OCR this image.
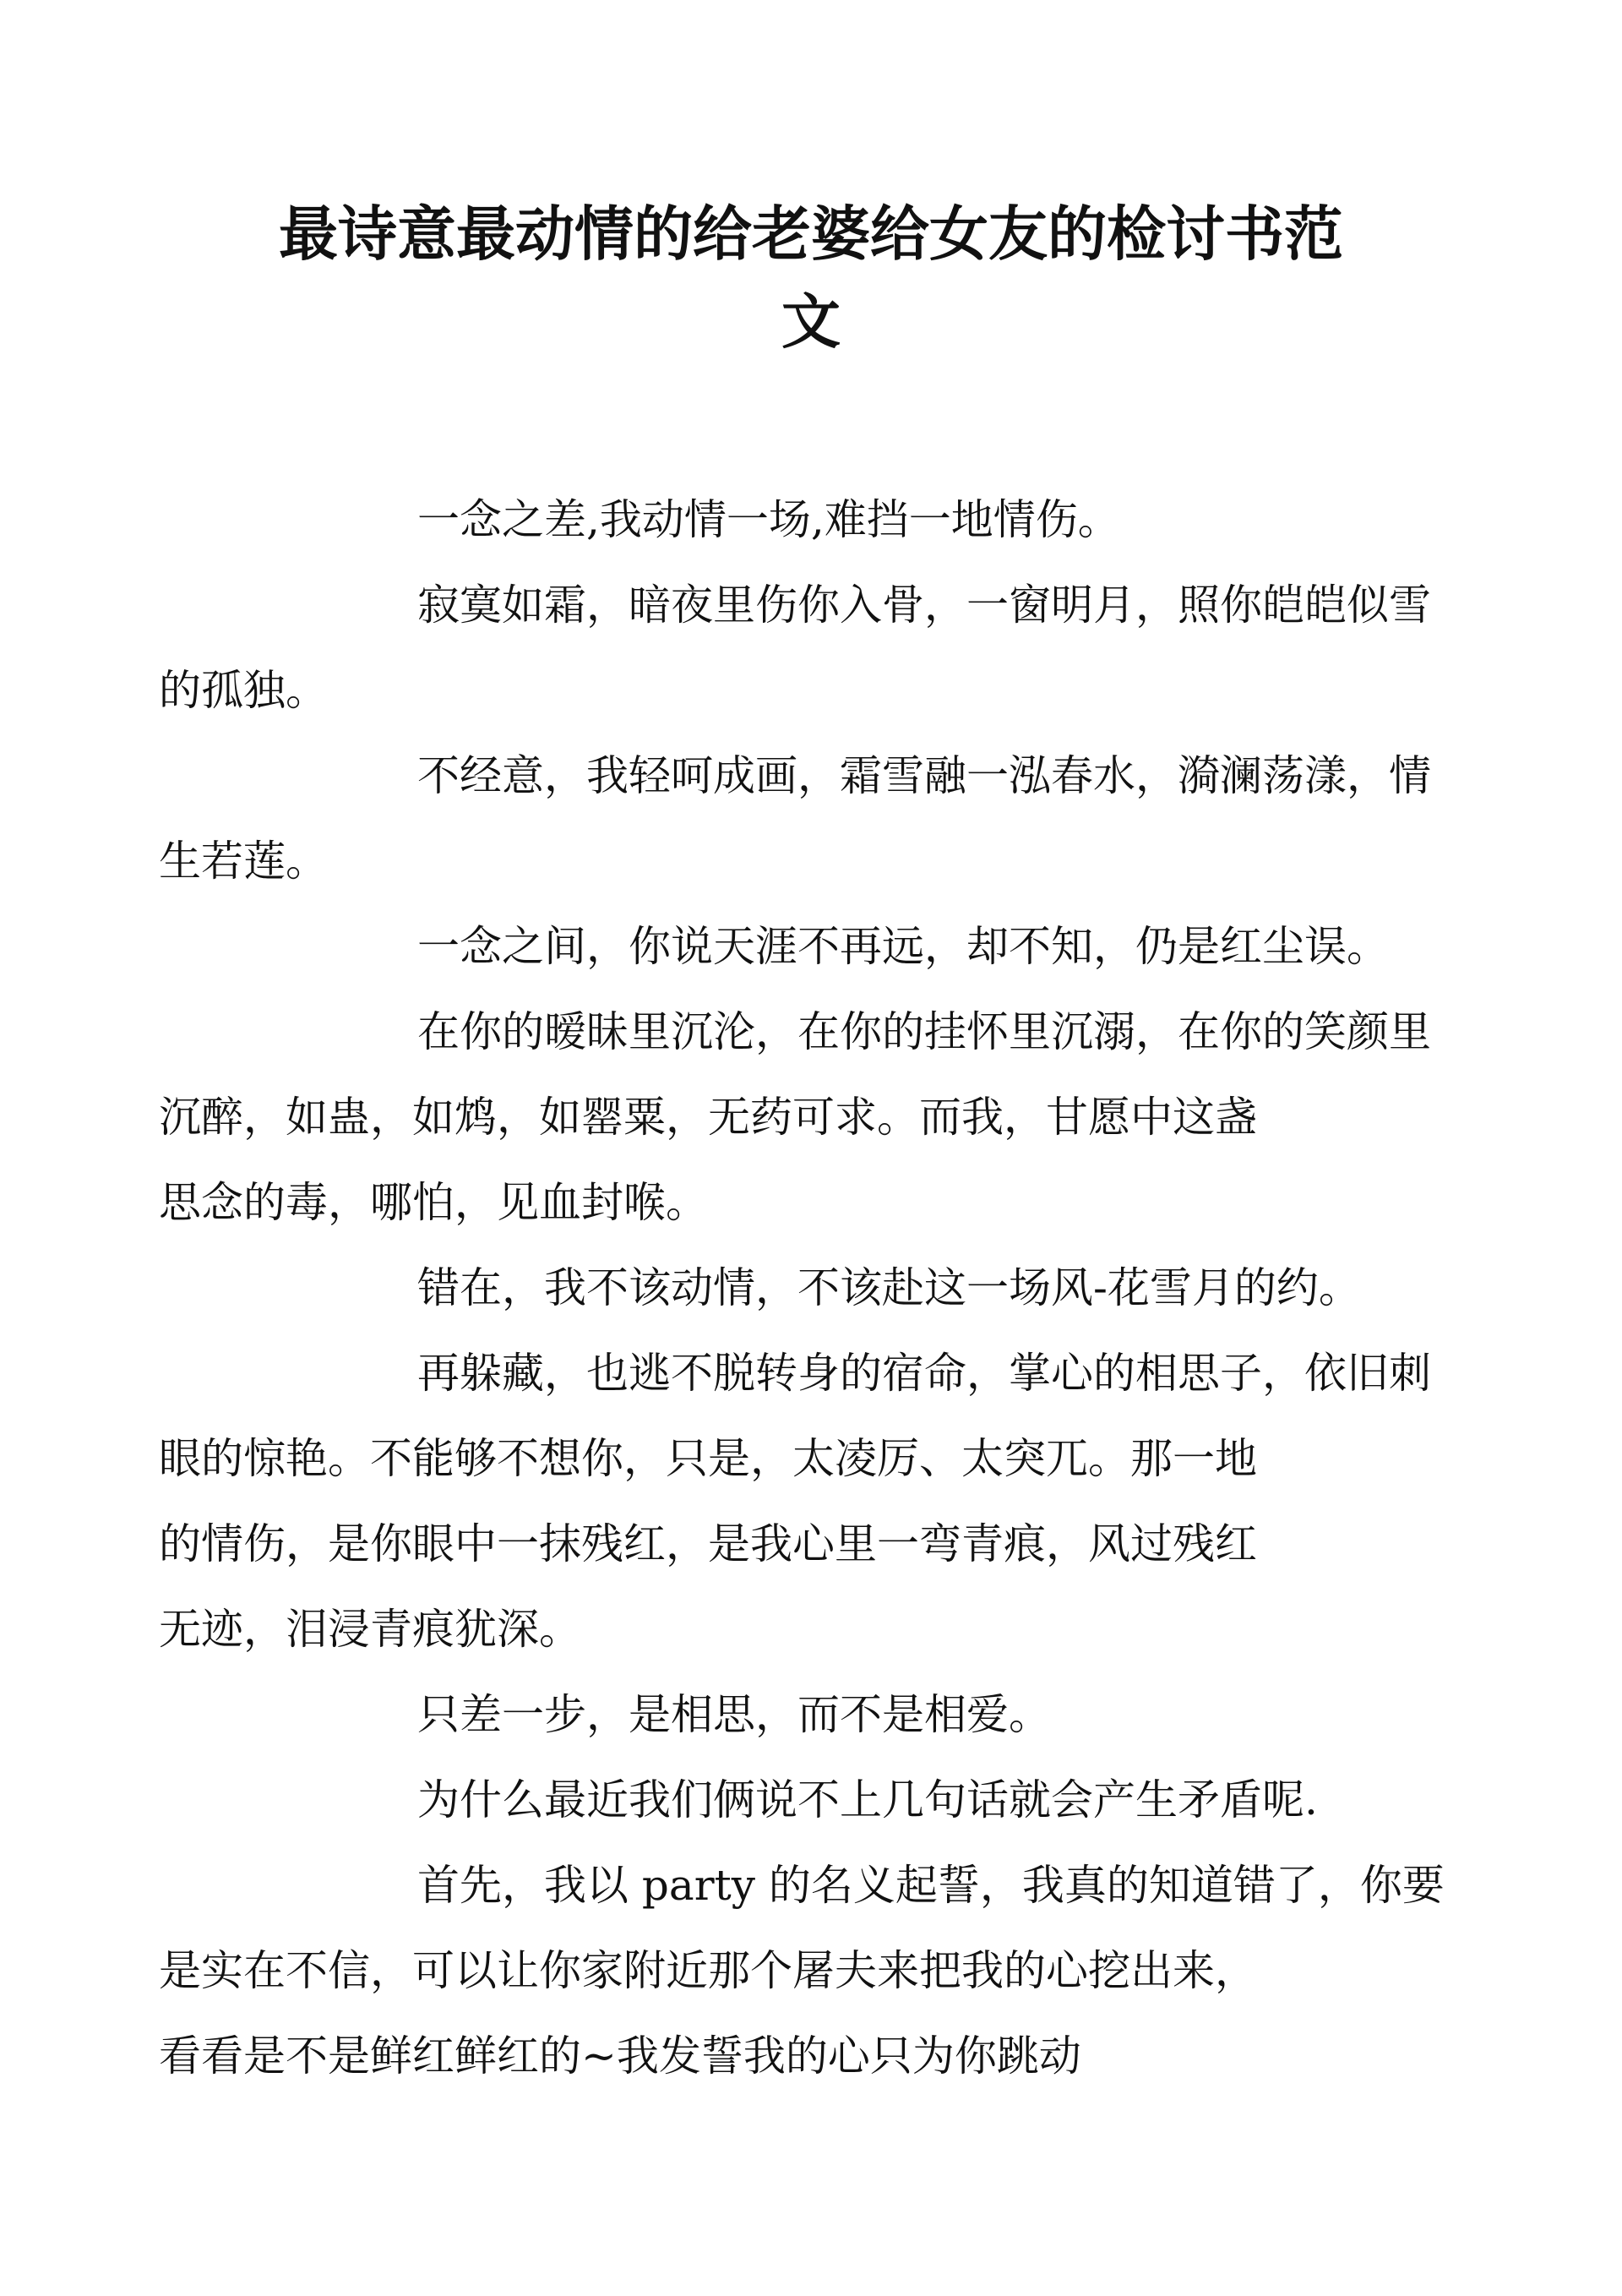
最诗意最动情的给老婆给女友的检讨书范
文

一念之差,我动情一场,难挡一地情伤。

寂寞如霜，暗夜里伤你入骨，一窗明月，照你皑皑似雪
的孤独。

不经意，我轻呵成画，霜雪融一泓春水，漪澜荡漾，情
生若莲。

一念之间，你说天涯不再远，却不知，仍是红尘误。

在你的暧昧里沉沦，在你的挂怀里沉溺，在你的笑颜里
沉醉，如蛊，如鸩，如罂粟，无药可求。而我，甘愿中这盏
思念的毒，哪怕，见血封喉。

错在，我不该动情，不该赴这一场风-花雪月的约。

再躲藏，也逃不脱转身的宿命，掌心的相思子，依旧刺
眼的惊艳。不能够不想你，只是，太凌厉、太突兀。那一地
的情伤，是你眼中一抹残红，是我心里一弯青痕，风过残红
无迹，泪浸青痕犹深。

只差一步，是相思，而不是相爱。

为什么最近我们俩说不上几句话就会产生矛盾呢.

首先，我以 party 的名义起誓，我真的知道错了，你要
是实在不信，可以让你家附近那个屠夫来把我的心挖出来，
看看是不是鲜红鲜红的~我发誓我的心只为你跳动
